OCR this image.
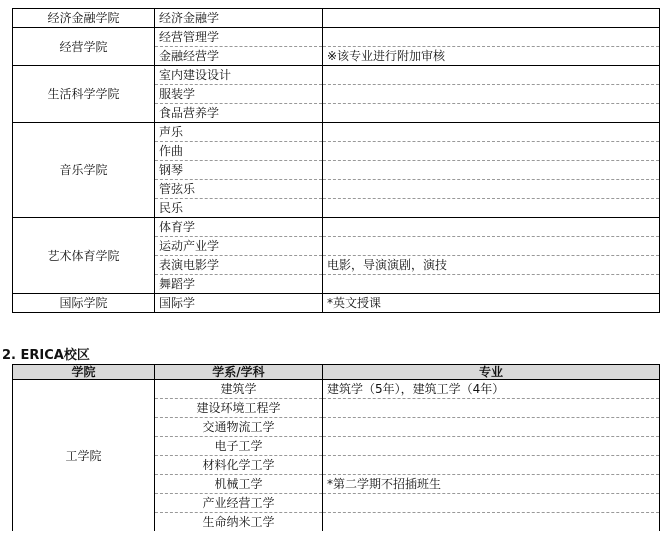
经济金融学院	经济金融学	
经营学院	经营管理学	
	金融经营学	※该专业进行附加审核
生活科学学院	室内建设设计	
	服装学	
	食品营养学	
音乐学院	声乐	
	作曲	
	钢琴	
	管弦乐	
	民乐	
艺术体育学院	体育学	
	运动产业学	
	表演电影学	电影，导演演剧，演技
	舞蹈学	
国际学院	国际学	*英文授课
2. ERICA校区
学院	学系/学科	专业
工学院	建筑学	建筑学（5年），建筑工学（4年）
	建设环境工程学	
	交通物流工学	
	电子工学	
	材料化学工学	
	机械工学	*第二学期不招插班生
	产业经营工学	
	生命纳米工学	
